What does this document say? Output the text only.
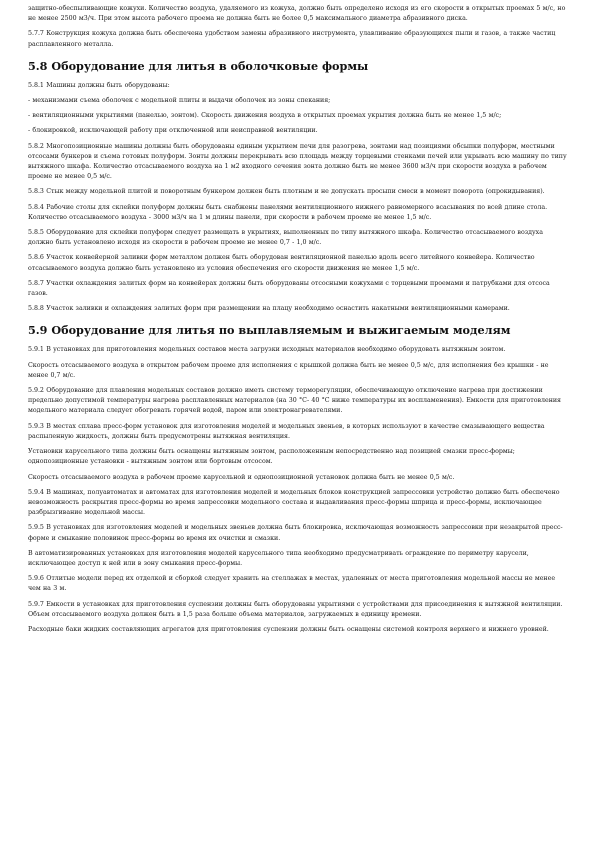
защитно-обеспыливающие кожухи. Количество воздуха, удаляемого из кожуха, должно быть определено исходя из его скорости в открытых проемах 5 м/с, но не менее 2500 м3/ч. При этом высота рабочего проема не должна быть не более 0,5 максимального диаметра абразивного диска.

5.7.7 Конструкция кожуха должна быть обеспечена удобством замены абразивного инструмента, улавливание образующихся пыли и газов, а также частиц расплавленного металла.

5.8 Оборудование для литья в оболочковые формы

5.8.1 Машины должны быть оборудованы:

- механизмами съема оболочек с модельной плиты и выдачи оболочек из зоны спекания;

- вентиляционными укрытиями (панелью, зонтом). Скорость движения воздуха в открытых проемах укрытия должна быть не менее 1,5 м/с;

- блокировкой, исключающей работу при отключенной или неисправной вентиляции.

5.8.2 Многопозиционные машины должны быть оборудованы единым укрытием печи для разогрева, зонтами над позициями обсыпки полуформ, местными отсосами бункеров и съема готовых полуформ. Зонты должны перекрывать всю площадь между торцевыми стенками печей или укрывать всю машину по типу вытяжного шкафа. Количество отсасываемого воздуха на 1 м2 входного сечения зонта должно быть не менее 3600 м3/ч при скорости воздуха в рабочем проеме не менее 0,5 м/с.

5.8.3 Стык между модельной плитой и поворотным бункером должен быть плотным и не допускать просыпи смеси в момент поворота (опрокидывания).

5.8.4 Рабочие столы для склейки полуформ должны быть снабжены панелями вентиляционного нижнего равномерного всасывания по всей длине стола. Количество отсасываемого воздуха - 3000 м3/ч на 1 м длины панели, при скорости в рабочем проеме не менее 1,5 м/с.

5.8.5 Оборудование для склейки полуформ следует размещать в укрытиях, выполненных по типу вытяжного шкафа. Количество отсасываемого воздуха должно быть установлено исходя из скорости в рабочем проеме не менее 0,7 - 1,0 м/с.

5.8.6 Участок конвейерной заливки форм металлом должен быть оборудован вентиляционной панелью вдоль всего литейного конвейера. Количество отсасываемого воздуха должно быть установлено из условия обеспечения его скорости движения не менее 1,5 м/с.

5.8.7 Участки охлаждения залитых форм на конвейерах должны быть оборудованы отсосными кожухами с торцевыми проемами и патрубками для отсоса газов.

5.8.8 Участок заливки и охлаждения залитых форм при размещении на плацу необходимо оснастить накатными вентиляционными камерами.

5.9 Оборудование для литья по выплавляемым и выжигаемым моделям

5.9.1 В установках для приготовления модельных составов места загрузки исходных материалов необходимо оборудовать вытяжным зонтом.

Скорость отсасываемого воздуха в открытом рабочем проеме для исполнения с крышкой должна быть не менее 0,5 м/с, для исполнения без крышки - не менее 0,7 м/с.

5.9.2 Оборудование для плавления модельных составов должно иметь систему терморегуляции, обеспечивающую отключение нагрева при достижении предельно допустимой температуры нагрева расплавленных материалов (на 30 °С- 40 °С ниже температуры их воспламенения). Емкости для приготовления модельного материала следует обогревать горячей водой, паром или электронагревателями.

5.9.3 В местах сплава пресс-форм установок для изготовления моделей и модельных звеньев, в которых используют в качестве смазывающего вещества распыленную жидкость, должны быть предусмотрены вытяжная вентиляция.

Установки карусельного типа должны быть оснащены вытяжным зонтом, расположенным непосредственно над позицией смазки пресс-формы; однопозиционные установки - вытяжным зонтом или бортовым отсосом.

Скорость отсасываемого воздуха в рабочем проеме карусельной и однопозиционной установок должна быть не менее 0,5 м/с.

5.9.4 В машинах, полуавтоматах и автоматах для изготовления моделей и модельных блоков конструкцией запрессовки устройство должно быть обеспечено невозможность раскрытия пресс-формы во время запрессовки модельного состава и выдавливания пресс-формы шприца и пресс-формы, исключающее разбрызгивание модельной массы.

5.9.5 В установках для изготовления моделей и модельных звеньев должна быть блокировка, исключающая возможность запрессовки при незакрытой пресс-форме и смыкание половинок пресс-формы во время их очистки и смазки.

В автоматизированных установках для изготовления моделей карусельного типа необходимо предусматривать ограждение по периметру карусели, исключающее доступ к ней или в зону смыкания пресс-формы.

5.9.6 Отлитые модели перед их отделкой и сборкой следует хранить на стеллажах в местах, удаленных от места приготовления модельной массы не менее чем на 3 м.

5.9.7 Емкости в установках для приготовления суспензии должны быть оборудованы укрытиями с устройствами для присоединения к вытяжной вентиляции. Объем отсасываемого воздуха должен быть в 1,5 раза больше объема материалов, загружаемых в единицу времени.

Расходные баки жидких составляющих агрегатов для приготовления суспензии должны быть оснащены системой контроля верхнего и нижнего уровней.
